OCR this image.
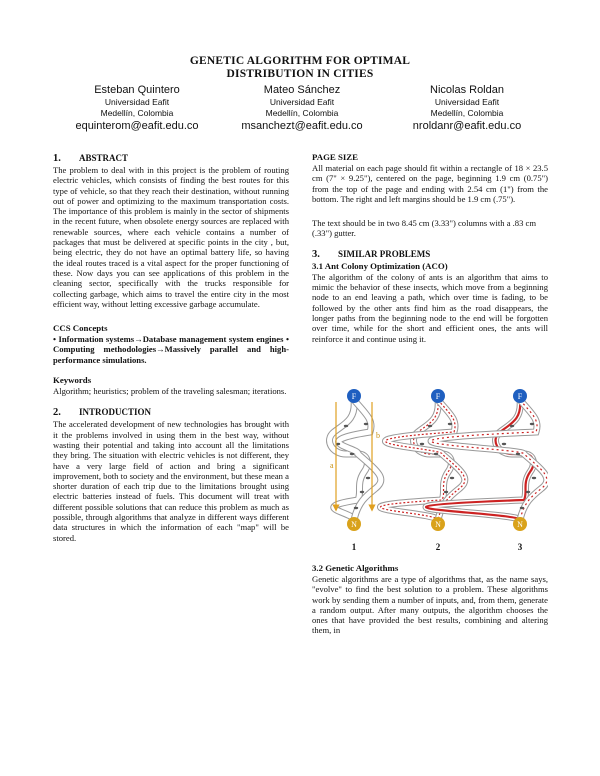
GENETIC ALGORITHM FOR OPTIMAL
DISTRIBUTION IN CITIES
Esteban Quintero
Universidad Eafit
Medellín, Colombia
equinterom@eafit.edu.co
Mateo Sánchez
Universidad Eafit
Medellín, Colombia
msanchezt@eafit.edu.co
Nicolas Roldan
Universidad Eafit
Medellín, Colombia
nroldanr@eafit.edu.co
1. ABSTRACT

The problem to deal with in this project is the problem of routing electric vehicles, which consists of finding the best routes for this type of vehicle, so that they reach their destination, without running out of power and optimizing to the maximum transportation costs. The importance of this problem is mainly in the sector of shipments in the recent future, when obsolete energy sources are replaced with renewable sources, where each vehicle contains a number of packages that must be delivered at specific points in the city , but, being electric, they do not have an optimal battery life, so having the ideal routes traced is a vital aspect for the proper functioning of these. Now days you can see applications of this problem in the cleaning sector, specifically with the trucks responsible for collecting garbage, which aims to travel the entire city in the most efficient way, without letting excessive garbage accumulate.

CCS Concepts

• Information systems→Database management system engines • Computing methodologies→Massively parallel and high-performance simulations.

Keywords

Algorithm; heuristics; problem of the traveling salesman; iterations.

2. INTRODUCTION

The accelerated development of new technologies has brought with it the problems involved in using them in the best way, without wasting their potential and taking into account all the limitations they bring. The situation with electric vehicles is not different, they have a very large field of action and bring a significant improvement, both to society and the environment, but these mean a shorter duration of each trip due to the limitations brought using electric batteries instead of fuels. This document will treat with different possible solutions that can reduce this problem as much as possible, through algorithms that analyze in different ways different data structures in which the information of each "map" will be stored.

PAGE SIZE

All material on each page should fit within a rectangle of 18 × 23.5 cm (7" × 9.25"), centered on the page, beginning 1.9 cm (0.75") from the top of the page and ending with 2.54 cm (1") from the bottom. The right and left margins should be 1.9 cm (.75").

The text should be in two 8.45 cm (3.33") columns with a .83 cm (.33") gutter.

3. SIMILAR PROBLEMS
3.1 Ant Colony Optimization (ACO)

The algorithm of the colony of ants is an algorithm that aims to mimic the behavior of these insects, which move from a beginning node to an end leaving a path, which over time is fading, to be followed by the other ants find him as the road disappears, the longer paths from the beginning node to the end will be forgotten over time, while for the short and efficient ones, the ants will reinforce it and continue using it.

F
N
1
F
N
2
F
N
3
a
b
3.2 Genetic Algorithms

Genetic algorithms are a type of algorithms that, as the name says, "evolve" to find the best solution to a problem. These algorithms work by sending them a number of inputs, and, from them, generate a random output. After many outputs, the algorithm chooses the ones that have provided the best results, combining and altering them, in
